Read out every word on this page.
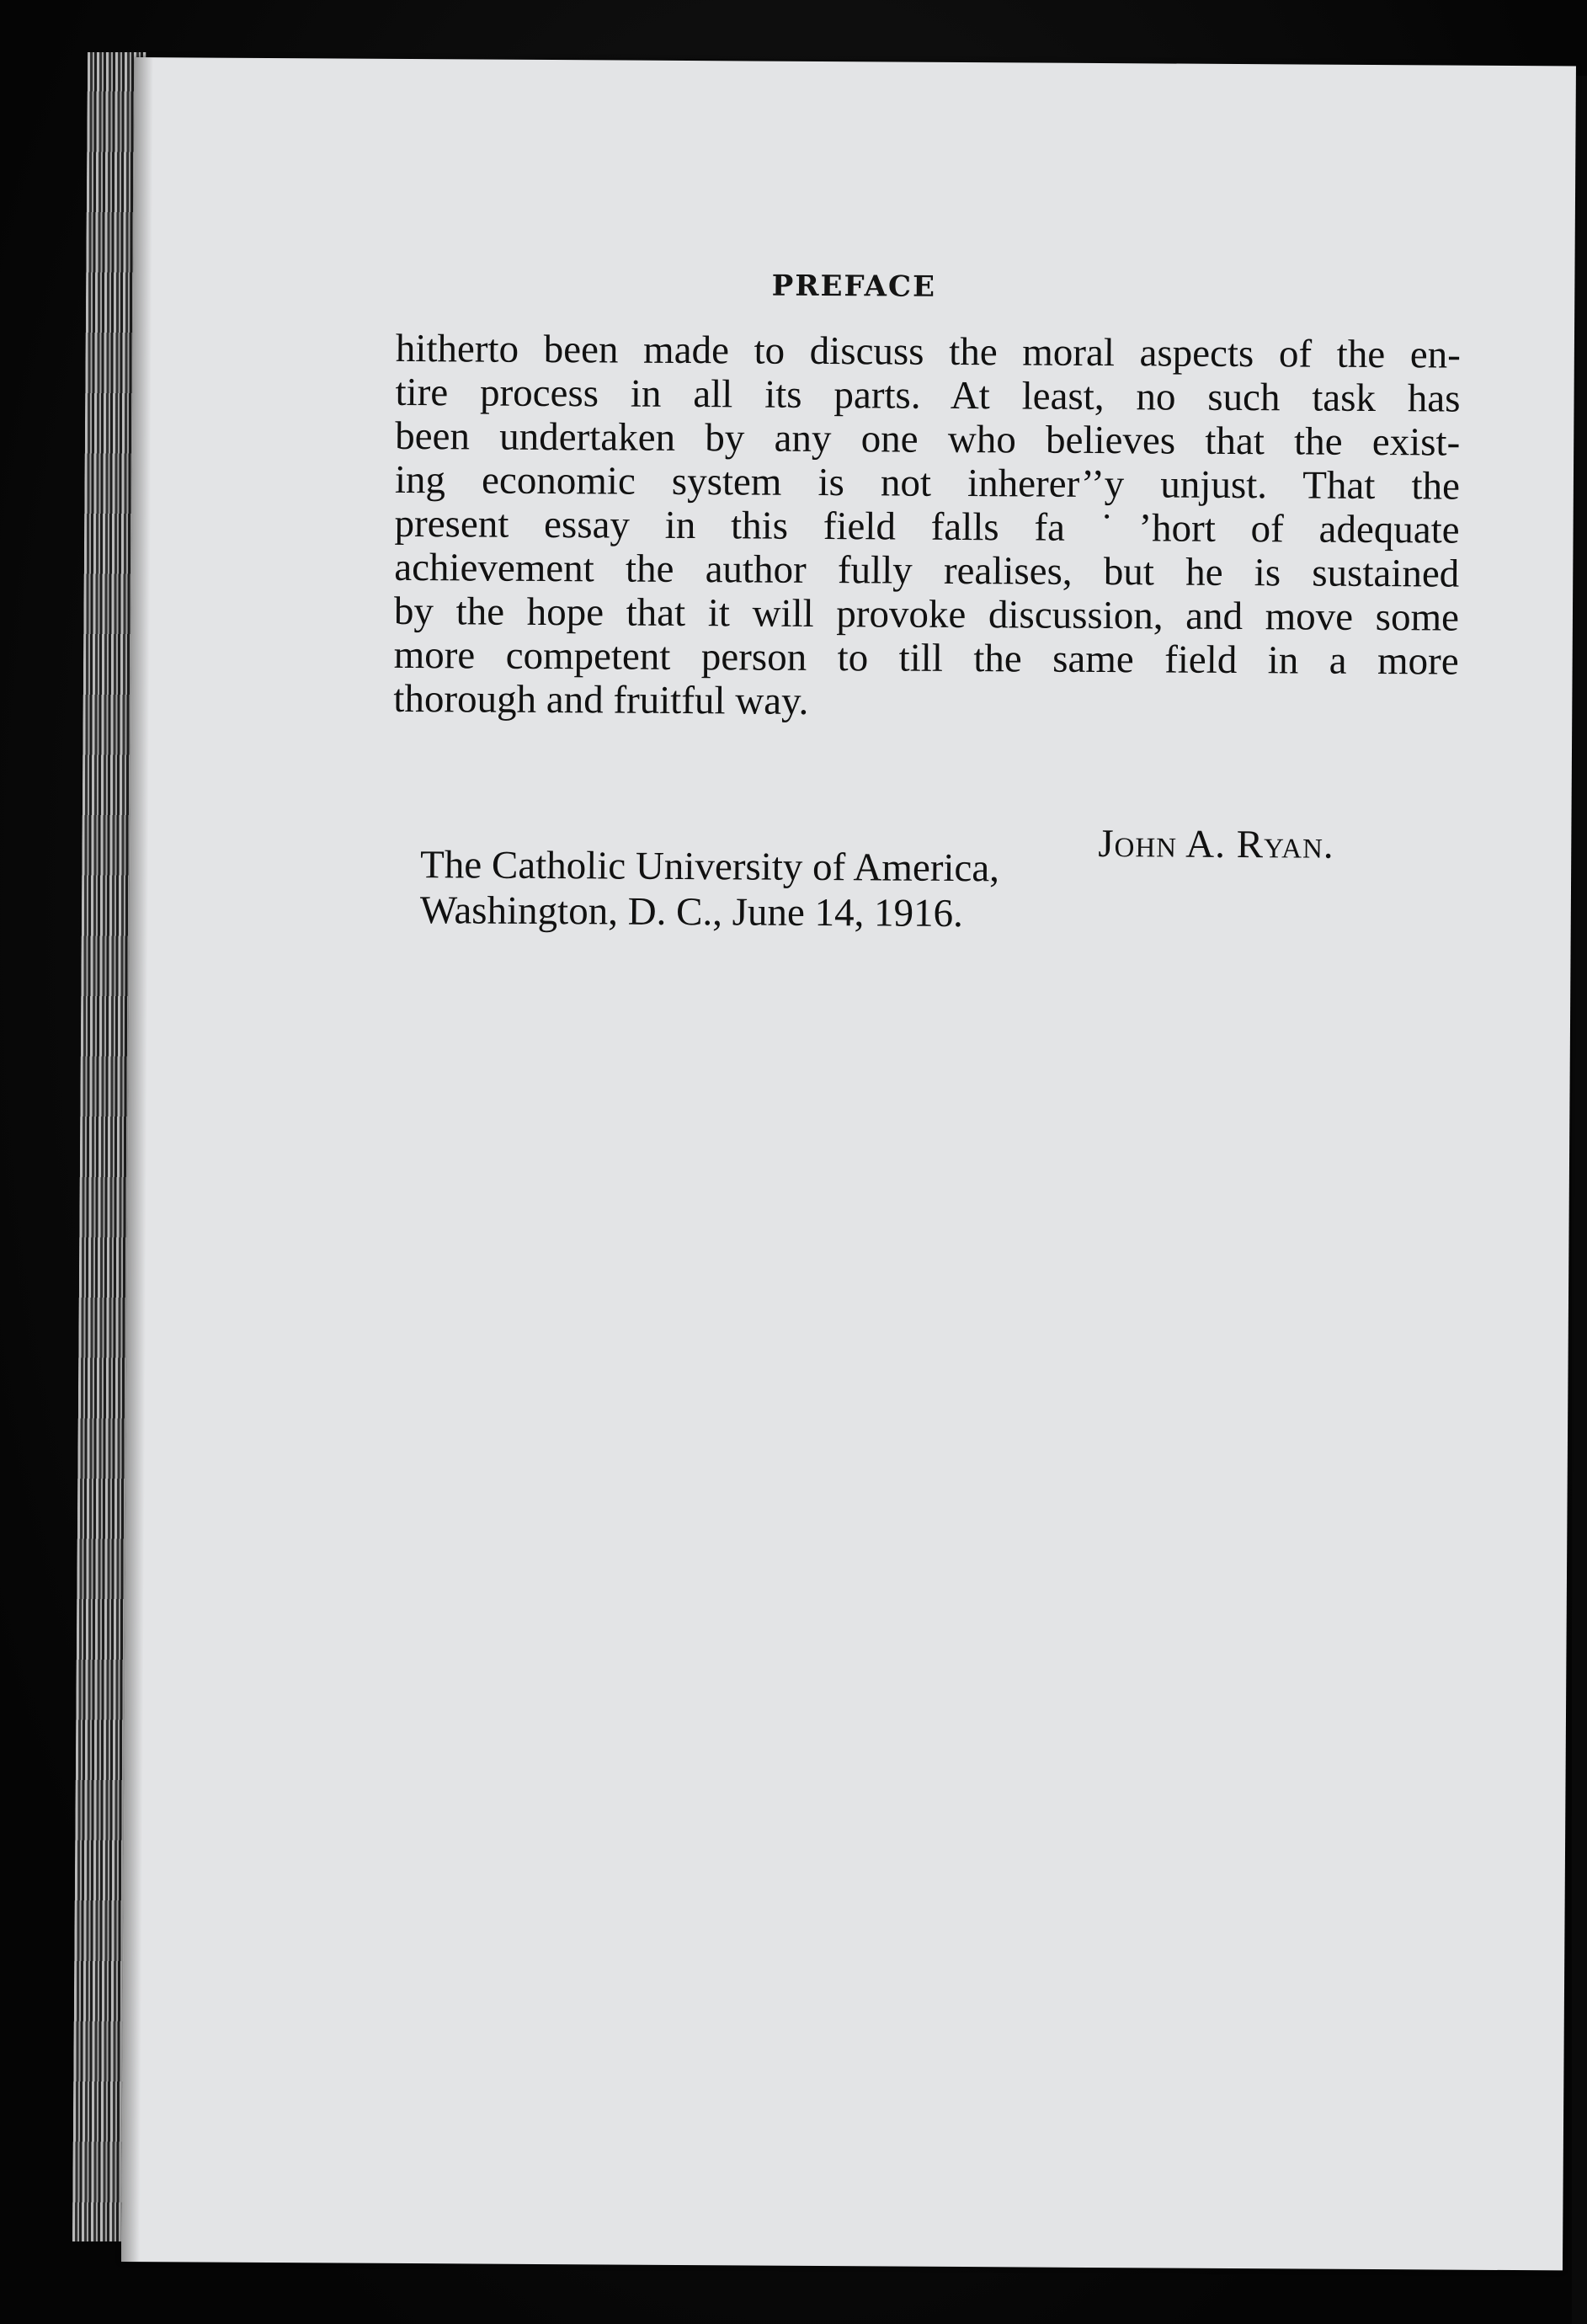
PREFACE

hitherto been made to discuss the moral aspects of the en-
tire process in all its parts. At least, no such task has
been undertaken by any one who believes that the exist-
ing economic system is not inherer’’y unjust. That the
present essay in this field falls fa ˙’hort of adequate
achievement the author fully realises, but he is sustained
by the hope that it will provoke discussion, and move some
more competent person to till the same field in a more
thorough and fruitful way.

John A. Ryan.
The Catholic University of America,
Washington, D. C., June 14, 1916.
